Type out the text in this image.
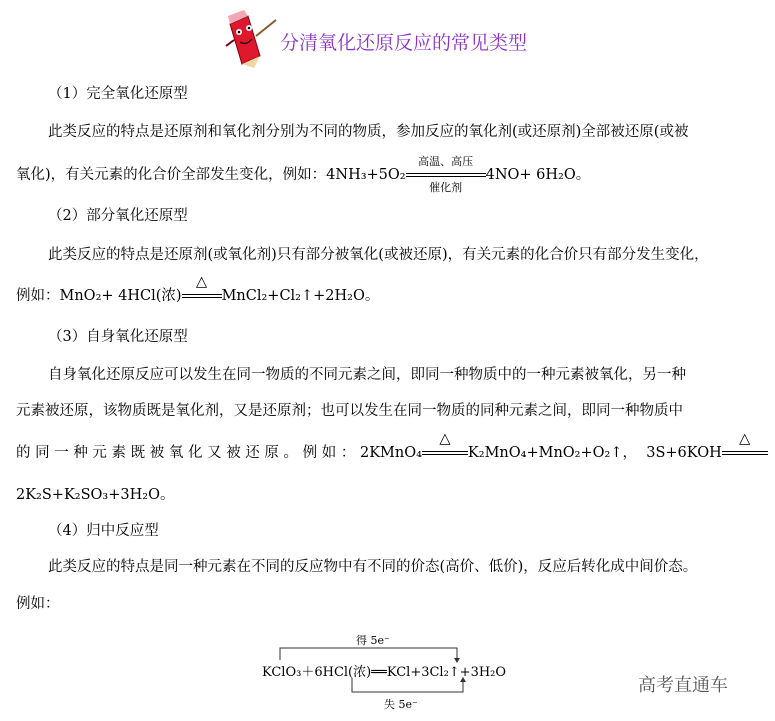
分清氧化还原反应的常见类型
（1）完全氧化还原型
此类反应的特点是还原剂和氧化剂分别为不同的物质，参加反应的氧化剂(或还原剂)全部被还原(或被
氧化)，有关元素的化合价全部发生变化，例如：4NH₃+5O₂
高温、高压
催化剂
4NO+ 6H₂O。
（2）部分氧化还原型
此类反应的特点是还原剂(或氧化剂)只有部分被氧化(或被还原)，有关元素的化合价只有部分发生变化，
例如：MnO₂+ 4HCl(浓)
△
MnCl₂+Cl₂↑+2H₂O。
（3）自身氧化还原型
自身氧化还原反应可以发生在同一物质的不同元素之间，即同一种物质中的一种元素被氧化，另一种
元素被还原，该物质既是氧化剂，又是还原剂；也可以发生在同一物质的同种元素之间，即同一种物质中
的 同 一 种 元 素 既 被 氧 化 又 被 还 原 。 例 如 ： 2KMnO₄
△
K₂MnO₄+MnO₂+O₂↑， 3S+6KOH
△
2K₂S+K₂SO₃+3H₂O。
（4）归中反应型
此类反应的特点是同一种元素在不同的反应物中有不同的价态(高价、低价)，反应后转化成中间价态。
例如：
得 5e⁻
KClO₃＋6HCl(浓)══KCl+3Cl₂↑+3H₂O
失 5e⁻
高考直通车
